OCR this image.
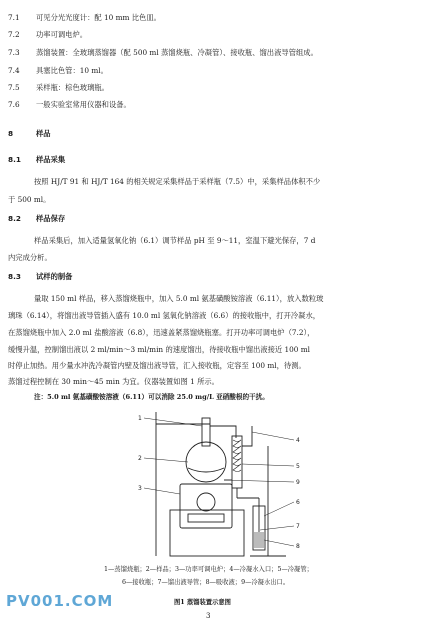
7.1 可见分光光度计：配 10 mm 比色皿。
7.2 功率可调电炉。
7.3 蒸馏装置：全玻璃蒸馏器（配 500 ml 蒸馏烧瓶、冷凝管）、接收瓶、馏出液导管组成。
7.4 具塞比色管：10 ml。
7.5 采样瓶：棕色玻璃瓶。
7.6 一般实验室常用仪器和设备。
8	样品
8.1 样品采集
按照 HJ/T 91 和 HJ/T 164 的相关规定采集样品于采样瓶（7.5）中，采集样品体积不少
于 500 ml。
8.2 样品保存
样品采集后，加入适量氢氧化钠（6.1）调节样品 pH 至 9～11，室温下避光保存，7 d
内完成分析。
8.3 试样的制备
量取 150 ml 样品，移入蒸馏烧瓶中，加入 5.0 ml 氨基磺酸铵溶液（6.11），放入数粒玻
璃珠（6.14），将馏出液导管插入盛有 10.0 ml 氢氧化钠溶液（6.6）的接收瓶中，打开冷凝水，
在蒸馏烧瓶中加入 2.0 ml 盐酸溶液（6.8），迅速盖紧蒸馏烧瓶塞。打开功率可调电炉（7.2），
缓慢升温，控制馏出液以 2 ml/min～3 ml/min 的速度馏出，待接收瓶中馏出液接近 100 ml
时停止加热。用少量水冲洗冷凝管内壁及馏出液导管，汇入接收瓶，定容至 100 ml，待测。
蒸馏过程控制在 30 min～45 min 为宜。仪器装置如图 1 所示。
注：5.0 ml 氨基磺酸铵溶液（6.11）可以消除 25.0 mg/L 亚硝酸根的干扰。
1
2
3
4
5
6
7
8
9
1—蒸馏烧瓶；2—样品；3—功率可调电炉；4—冷凝水入口；5—冷凝管；
6—接收瓶；7—馏出液导管；8—吸收液；9—冷凝水出口。
图1 蒸馏装置示意图
3
PV001.COM
